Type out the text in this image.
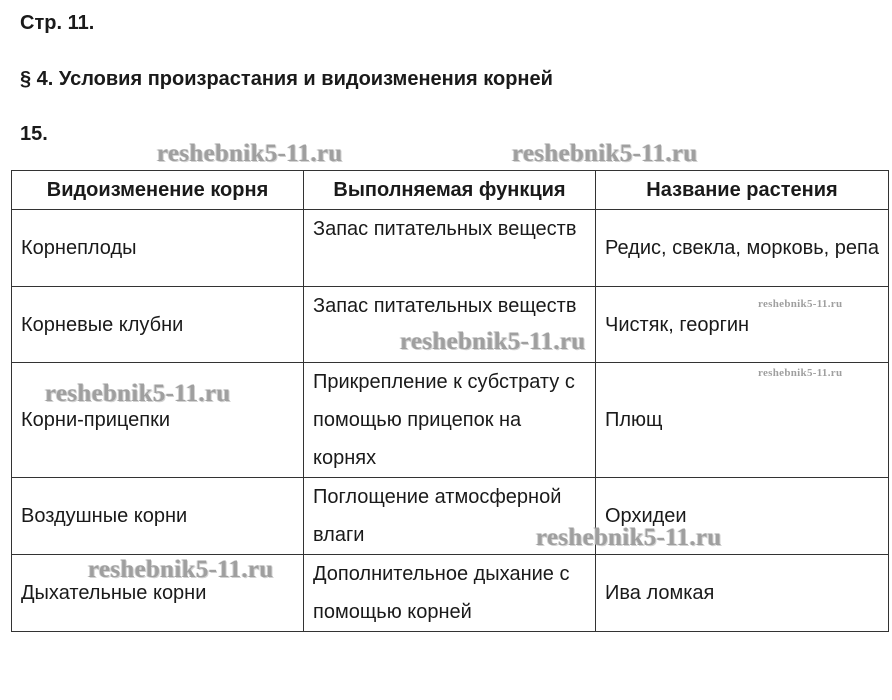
Стр. 11.
§ 4. Условия произрастания и видоизменения корней
15.
Видоизменение корня	Выполняемая функция	Название растения
Корнеплоды	Запас питательных веществ	Редис, свекла, морковь, репа
Корневые клубни	Запас питательных веществ	Чистяк, георгин
Корни-прицепки	Прикрепление к субстрату с помощью прицепок на корнях	Плющ
Воздушные корни	Поглощение атмосферной влаги	Орхидеи
Дыхательные корни	Дополнительное дыхание с помощью корней	Ива ломкая
reshebnik5-11.ru	reshebnik5-11.ru
reshebnik5-11.ru
reshebnik5-11.ru
reshebnik5-11.ru
reshebnik5-11.ru
reshebnik5-11.ru
reshebnik5-11.ru
